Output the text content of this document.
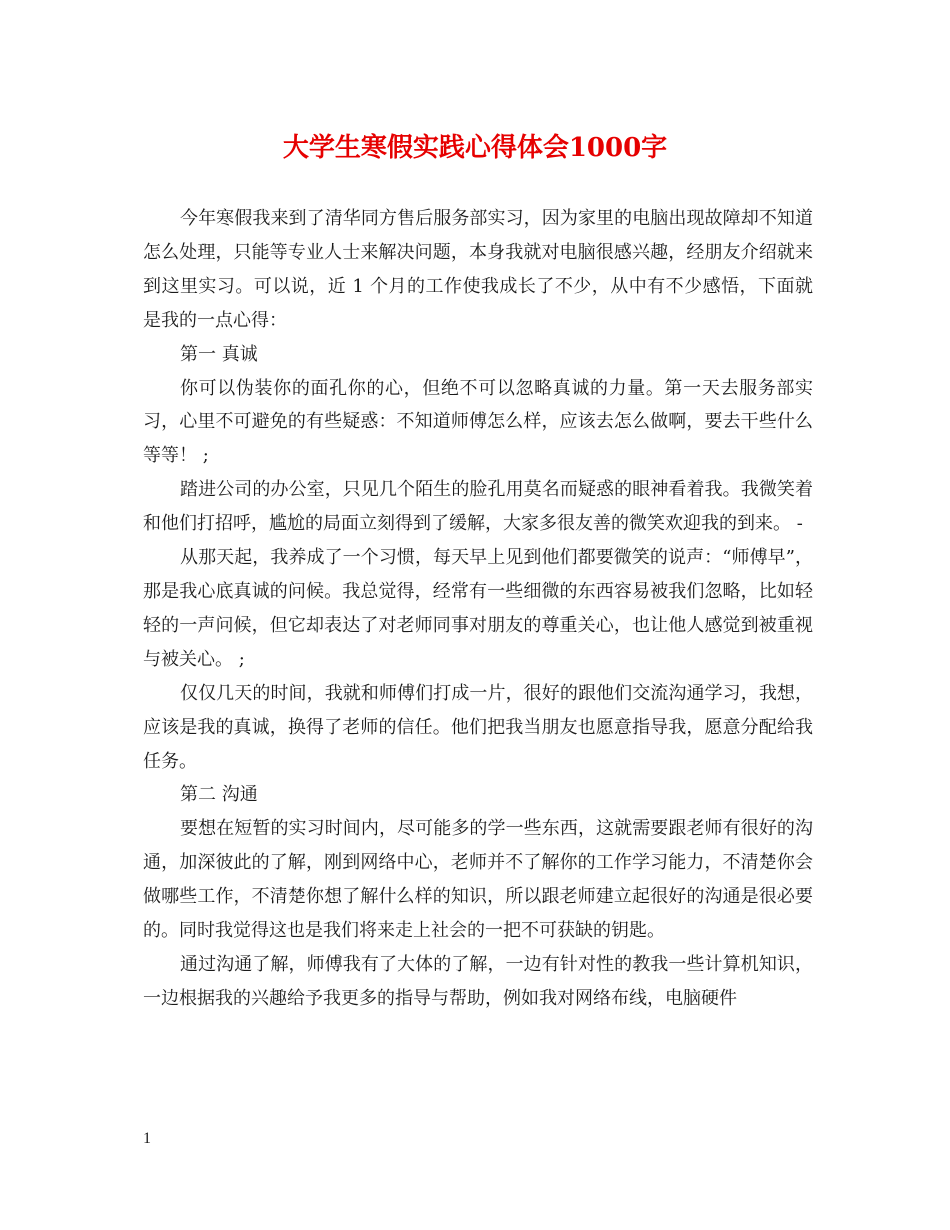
大学生寒假实践心得体会1000字

今年寒假我来到了清华同方售后服务部实习，因为家里的电脑出现故障却不知道怎么处理，只能等专业人士来解决问题，本身我就对电脑很感兴趣，经朋友介绍就来到这里实习。可以说，近 1 个月的工作使我成长了不少，从中有不少感悟，下面就是我的一点心得：

第一 真诚

你可以伪装你的面孔你的心，但绝不可以忽略真诚的力量。第一天去服务部实习，心里不可避免的有些疑惑：不知道师傅怎么样，应该去怎么做啊，要去干些什么等等！ ;

踏进公司的办公室，只见几个陌生的脸孔用莫名而疑惑的眼神看着我。我微笑着和他们打招呼，尴尬的局面立刻得到了缓解，大家多很友善的微笑欢迎我的到来。 -

从那天起，我养成了一个习惯，每天早上见到他们都要微笑的说声：“师傅早”，那是我心底真诚的问候。我总觉得，经常有一些细微的东西容易被我们忽略，比如轻轻的一声问候，但它却表达了对老师同事对朋友的尊重关心，也让他人感觉到被重视与被关心。 ;

仅仅几天的时间，我就和师傅们打成一片，很好的跟他们交流沟通学习，我想，应该是我的真诚，换得了老师的信任。他们把我当朋友也愿意指导我，愿意分配给我任务。

第二 沟通

要想在短暂的实习时间内，尽可能多的学一些东西，这就需要跟老师有很好的沟通，加深彼此的了解，刚到网络中心，老师并不了解你的工作学习能力，不清楚你会做哪些工作，不清楚你想了解什么样的知识，所以跟老师建立起很好的沟通是很必要的。同时我觉得这也是我们将来走上社会的一把不可获缺的钥匙。

通过沟通了解，师傅我有了大体的了解，一边有针对性的教我一些计算机知识，一边根据我的兴趣给予我更多的指导与帮助，例如我对网络布线，电脑硬件

1
